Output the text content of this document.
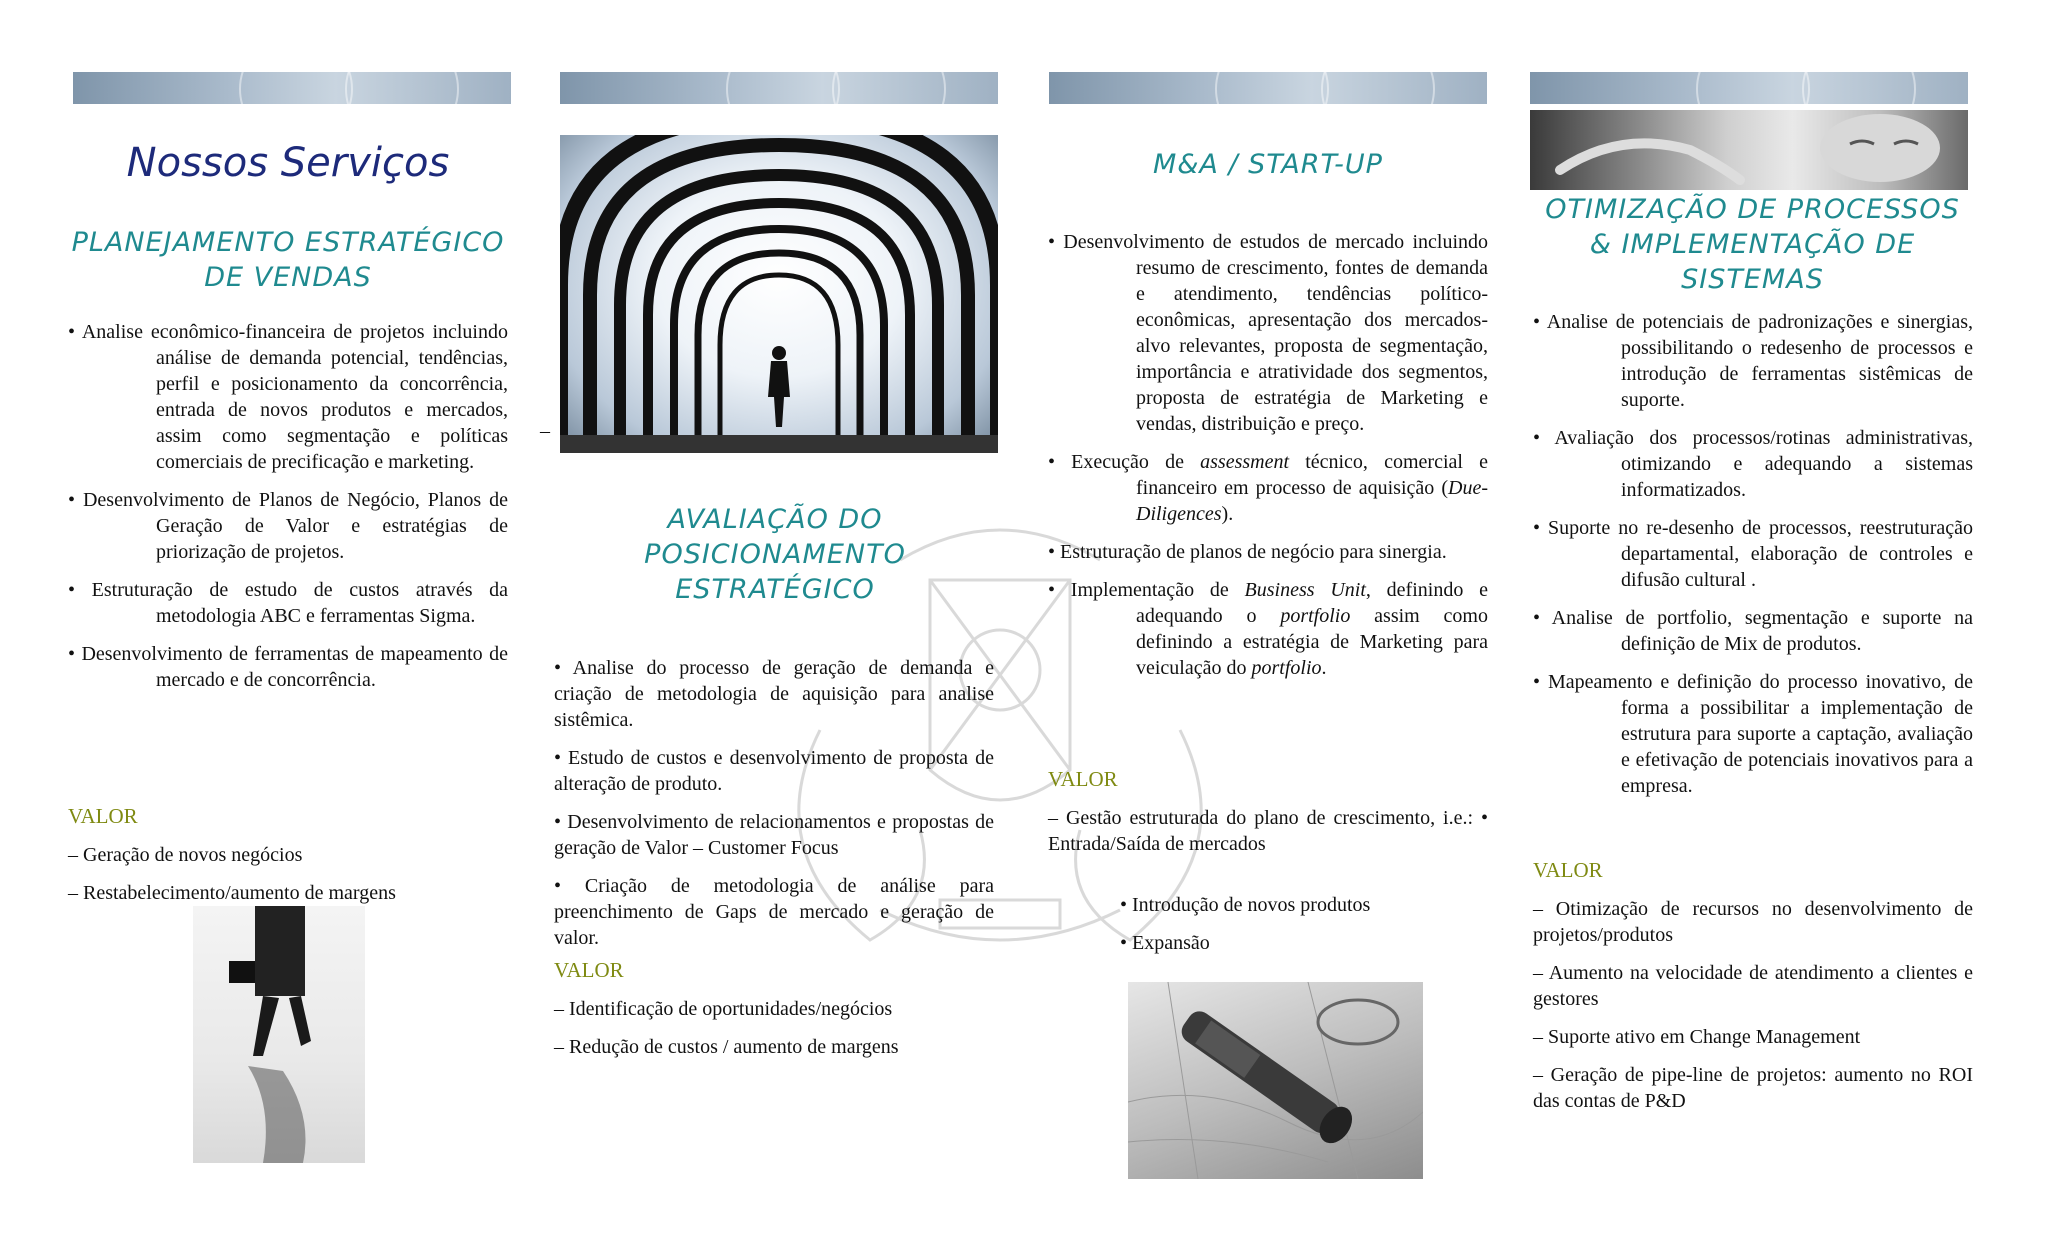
Nossos Serviços
PLANEJAMENTO ESTRATÉGICO
DE VENDAS
• Analise econômico-financeira de projetos incluindo análise de demanda potencial, tendências, perfil e posicionamento da concorrência, entrada de novos produtos e mercados, assim como segmentação e políticas comerciais de precificação e marketing.
• Desenvolvimento de Planos de Negócio, Planos de Geração de Valor e estratégias de priorização de projetos.
• Estruturação de estudo de custos através da metodologia ABC e ferramentas Sigma.
• Desenvolvimento de ferramentas de mapeamento de mercado e de concorrência.
VALOR
– Geração de novos negócios
– Restabelecimento/aumento de margens
–
AVALIAÇÃO DO
POSICIONAMENTO
ESTRATÉGICO
• Analise do processo de geração de demanda e criação de metodologia de aquisição para analise sistêmica.
• Estudo de custos e desenvolvimento de proposta de alteração de produto.
• Desenvolvimento de relacionamentos e propostas de geração de Valor – Customer Focus
• Criação de metodologia de análise para preenchimento de Gaps de mercado e geração de valor.
VALOR
– Identificação de oportunidades/negócios
– Redução de custos / aumento de margens
M&A / START-UP
• Desenvolvimento de estudos de mercado incluindo resumo de crescimento, fontes de demanda e atendimento, tendências político-econômicas, apresentação dos mercados-alvo relevantes, proposta de segmentação, importância e atratividade dos segmentos, proposta de estratégia de Marketing e vendas, distribuição e preço.
• Execução de assessment técnico, comercial e financeiro em processo de aquisição (Due-Diligences).
• Estruturação de planos de negócio para sinergia.
• Implementação de Business Unit, definindo e adequando o portfolio assim como definindo a estratégia de Marketing para veiculação do portfolio.
VALOR
– Gestão estruturada do plano de crescimento, i.e.: • Entrada/Saída de mercados
• Introdução de novos produtos
• Expansão
OTIMIZAÇÃO DE PROCESSOS
& IMPLEMENTAÇÃO DE
SISTEMAS
• Analise de potenciais de padronizações e sinergias, possibilitando o redesenho de processos e introdução de ferramentas sistêmicas de suporte.
• Avaliação dos processos/rotinas administrativas, otimizando e adequando a sistemas informatizados.
• Suporte no re-desenho de processos, reestruturação departamental, elaboração de controles e difusão cultural .
• Analise de portfolio, segmentação e suporte na definição de Mix de produtos.
• Mapeamento e definição do processo inovativo, de forma a possibilitar a implementação de estrutura para suporte a captação, avaliação e efetivação de potenciais inovativos para a empresa.
VALOR
– Otimização de recursos no desenvolvimento de projetos/produtos
– Aumento na velocidade de atendimento a clientes e gestores
– Suporte ativo em Change Management
– Geração de pipe-line de projetos: aumento no ROI das contas de P&D
